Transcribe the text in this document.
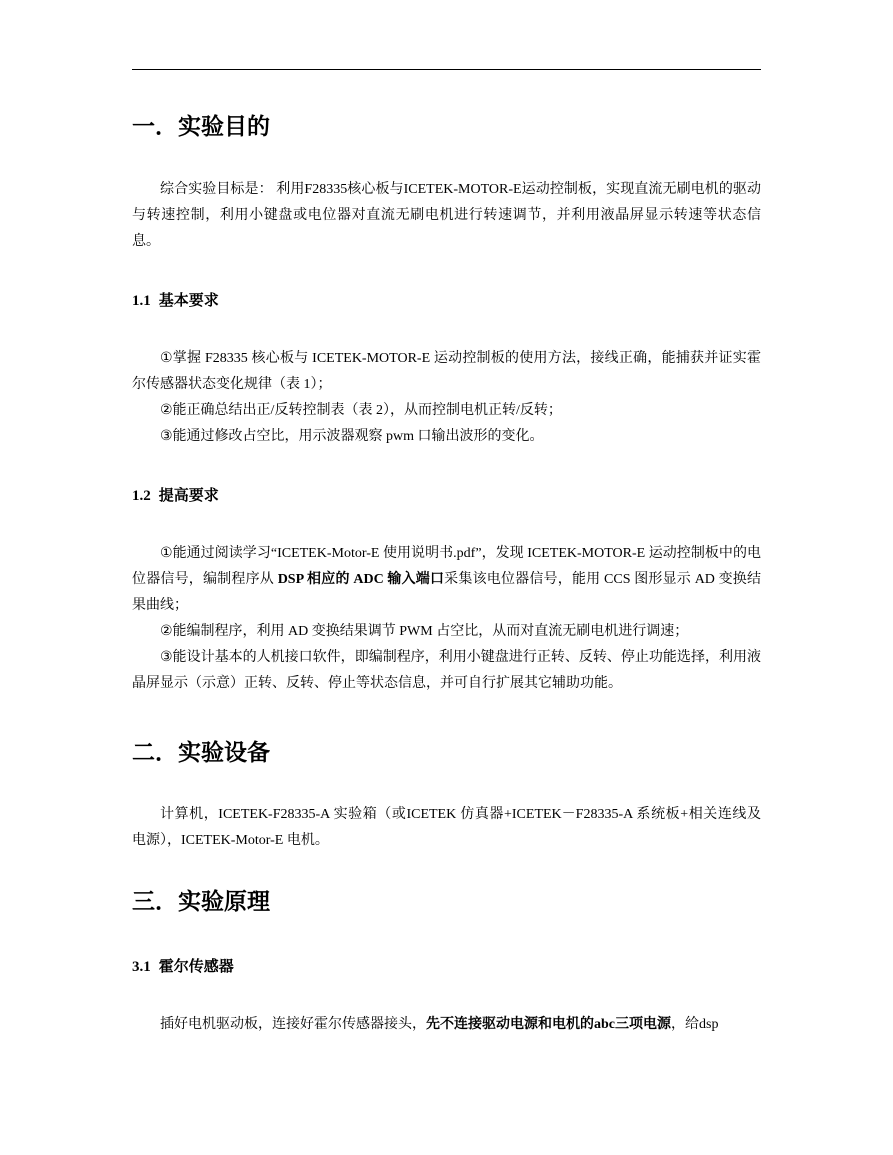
一．实验目的

综合实验目标是： 利用F28335核心板与ICETEK-MOTOR-E运动控制板，实现直流无刷电机的驱动与转速控制，利用小键盘或电位器对直流无刷电机进行转速调节，并利用液晶屏显示转速等状态信息。

1.1 基本要求

①掌握 F28335 核心板与 ICETEK-MOTOR-E 运动控制板的使用方法，接线正确，能捕获并证实霍尔传感器状态变化规律（表 1）；

②能正确总结出正/反转控制表（表 2），从而控制电机正转/反转；

③能通过修改占空比，用示波器观察 pwm 口输出波形的变化。

1.2 提高要求

①能通过阅读学习“ICETEK-Motor-E 使用说明书.pdf”，发现 ICETEK-MOTOR-E 运动控制板中的电位器信号，编制程序从 DSP 相应的 ADC 输入端口采集该电位器信号，能用 CCS 图形显示 AD 变换结果曲线；

②能编制程序，利用 AD 变换结果调节 PWM 占空比，从而对直流无刷电机进行调速；

③能设计基本的人机接口软件，即编制程序，利用小键盘进行正转、反转、停止功能选择，利用液晶屏显示（示意）正转、反转、停止等状态信息，并可自行扩展其它辅助功能。

二．实验设备

计算机，ICETEK-F28335-A 实验箱（或ICETEK 仿真器+ICETEK－F28335-A 系统板+相关连线及电源），ICETEK-Motor-E 电机。

三．实验原理
3.1 霍尔传感器

插好电机驱动板，连接好霍尔传感器接头，先不连接驱动电源和电机的abc三项电源，给dsp
